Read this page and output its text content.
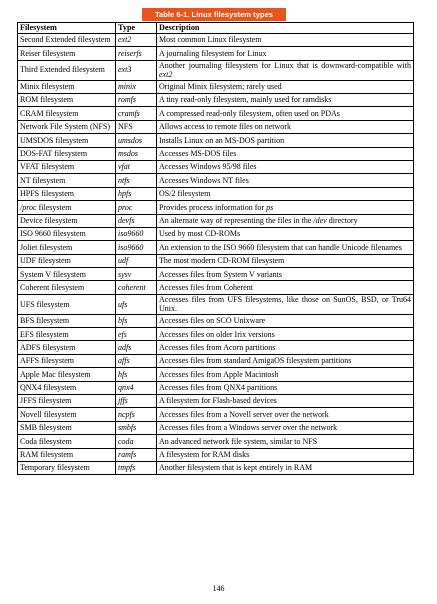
Table 6-1. Linux filesystem types
Filesystem	Type	Description
Second Extended filesystem	ext2	Most common Linux filesystem
Reiser filesystem	reiserfs	A journaling filesystem for Linux
Third Extended filesystem	ext3	Another journaling filesystem for Linux that is downward-compatible with ext2
Minix filesystem	minix	Original Minix filesystem; rarely used
ROM filesystem	romfs	A tiny read-only filesystem, mainly used for ramdisks
CRAM filesystem	cramfs	A compressed read-only filesystem, often used on PDAs
Network File System (NFS)	NFS	Allows access to remote files on network
UMSDOS filesystem	umsdos	Installs Linux on an MS-DOS partition
DOS-FAT filesystem	msdos	Accesses MS-DOS files
VFAT filesystem	vfat	Accesses Windows 95/98 files
NT filesystem	ntfs	Accesses Windows NT files
HPFS filesystem	hpfs	OS/2 filesystem
/proc filesystem	proc	Provides process information for ps
Device filesystem	devfs	An alternate way of representing the files in the /dev directory
ISO 9660 filesystem	iso9660	Used by most CD-ROMs
Joliet filesystem	iso9660	An extension to the ISO 9660 filesystem that can handle Unicode filenames
UDF filesystem	udf	The most modern CD-ROM filesystem
System V filesystem	sysv	Accesses files from System V variants
Coherent filesystem	coherent	Accesses files from Coherent
UFS filesystem	ufs	Accesses files from UFS filesystems, like those on SunOS, BSD, or Tru64 Unix.
BFS filesystem	bfs	Accesses files on SCO Unixware
EFS filesystem	efs	Accesses files on older Irix versions
ADFS filesystem	adfs	Accesses files from Acorn partitions
AFFS filesystem	affs	Accesses files from standard AmigaOS filesystem partitions
Apple Mac filesystem	hfs	Accesses files from Apple Macintosh
QNX4 filesystem	qnx4	Accesses files from QNX4 partitions
JFFS filesystem	jffs	A filesystem for Flash-based devices
Novell filesystem	ncpfs	Accesses files from a Novell server over the network
SMB filesystem	smbfs	Accesses files from a Windows server over the network
Coda filesystem	coda	An advanced network file system, similar to NFS
RAM filesystem	ramfs	A filesystem for RAM disks
Temporary filesystem	tmpfs	Another filesystem that is kept entirely in RAM
146
